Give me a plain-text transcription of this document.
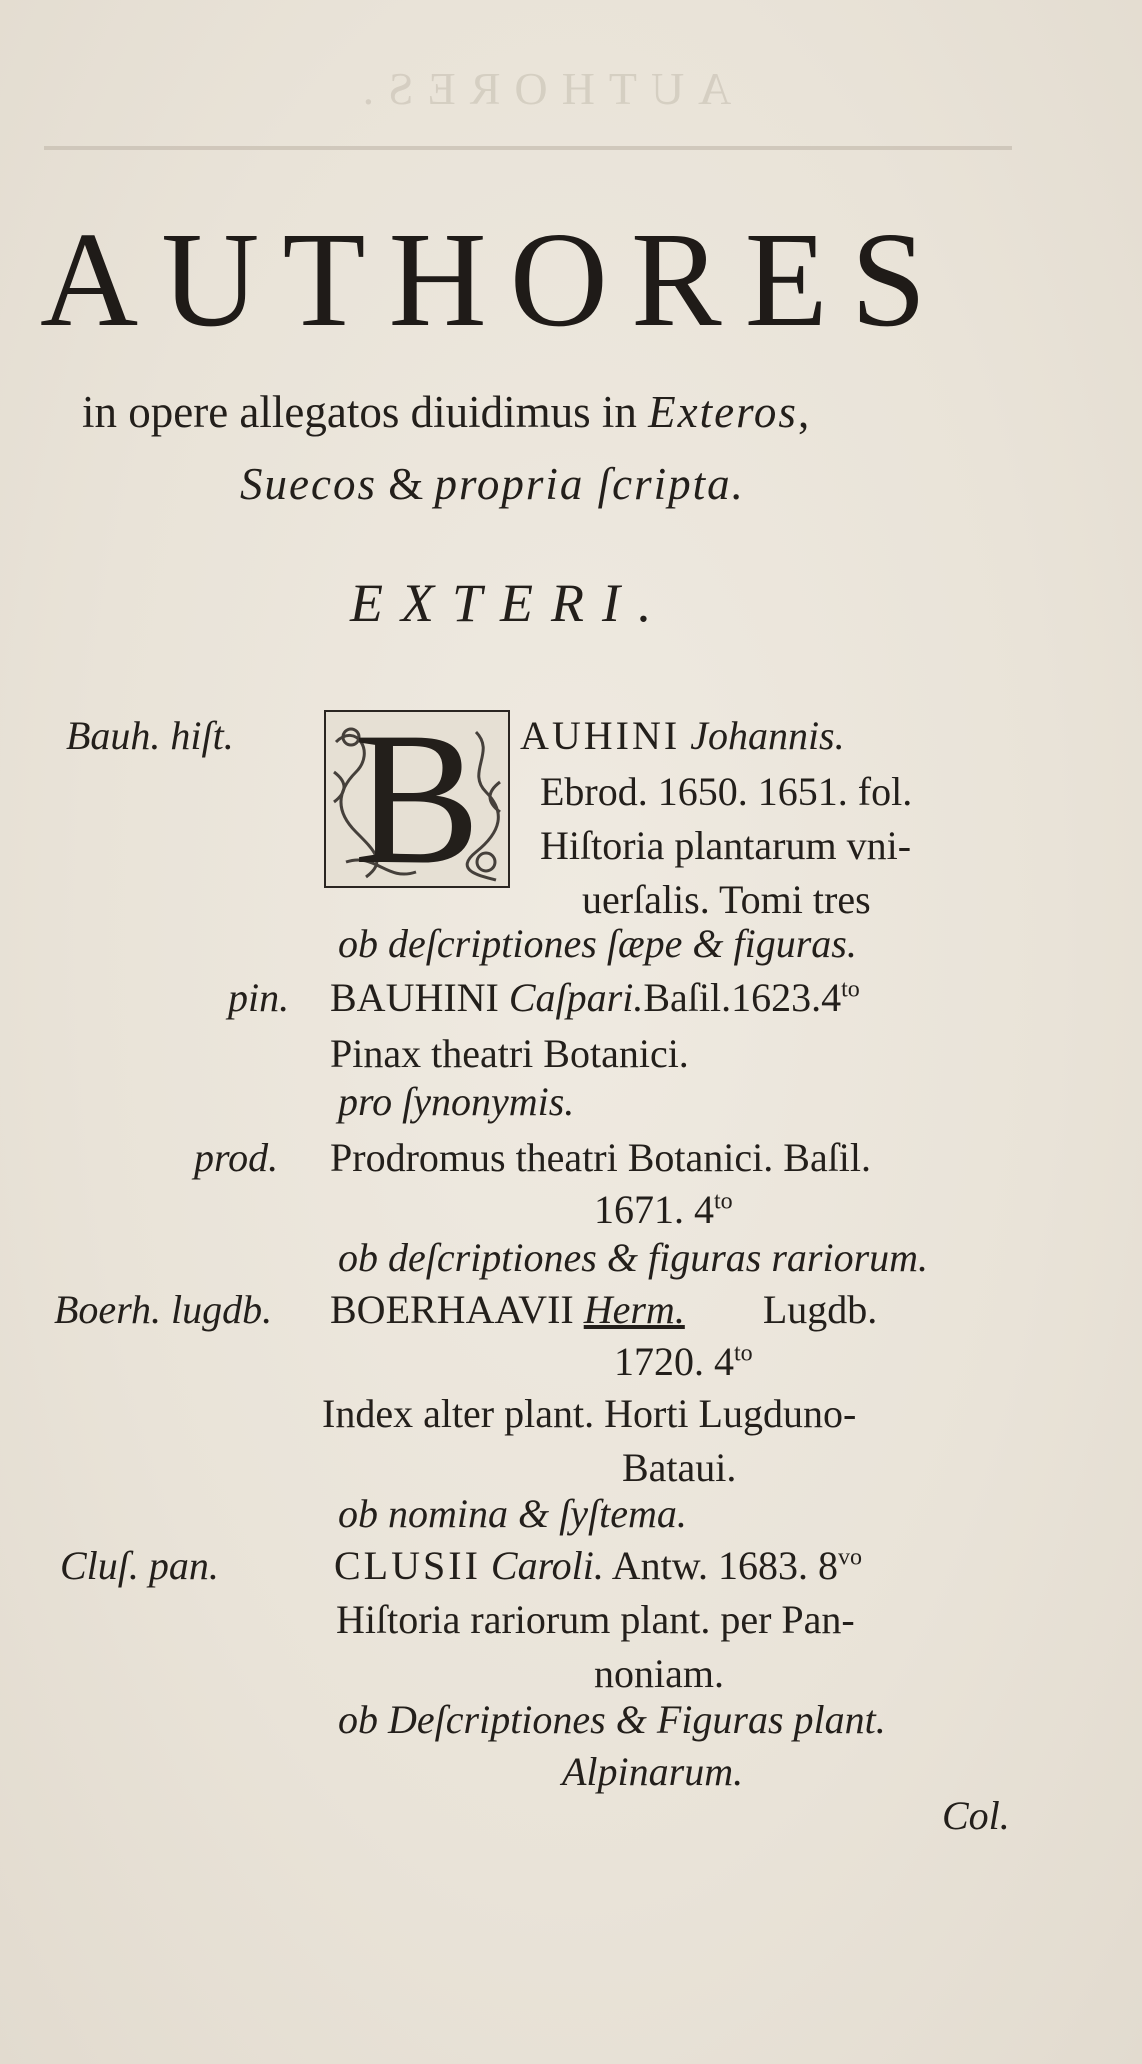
AUTHORES.
AUTHORES
in opere allegatos diuidimus in Exteros,
Suecos & propria ſcripta.
EXTERI.
Bauh. hiſt. B AUHINI Johannis.
Ebrod. 1650. 1651. fol.
Hiſtoria plantarum vni-
uerſalis. Tomi tres
ob deſcriptiones ſæpe & figuras.
pin. BAUHINI $Caſpari.Baſil.1623.4^{to}$
Pinax theatri Botanici.
pro ſynonymis.
prod. Prodromus theatri Botanici. Baſil.
1671. $4^{to}$
ob deſcriptiones & figuras rariorum.
Boerh. lugdb. BOERHAAVII Herm. Lugdb.
1720. $4^{to}$
Index alter plant. Horti Lugduno-
Bataui.
ob nomina & ſyſtema.
Cluſ. pan.	CLUSII Caroli. Antw. 1683. $8^{vo}$
Hiſtoria rariorum plant. per Pan-
noniam.
ob Deſcriptiones & Figuras plant.
Alpinarum.
Col.
